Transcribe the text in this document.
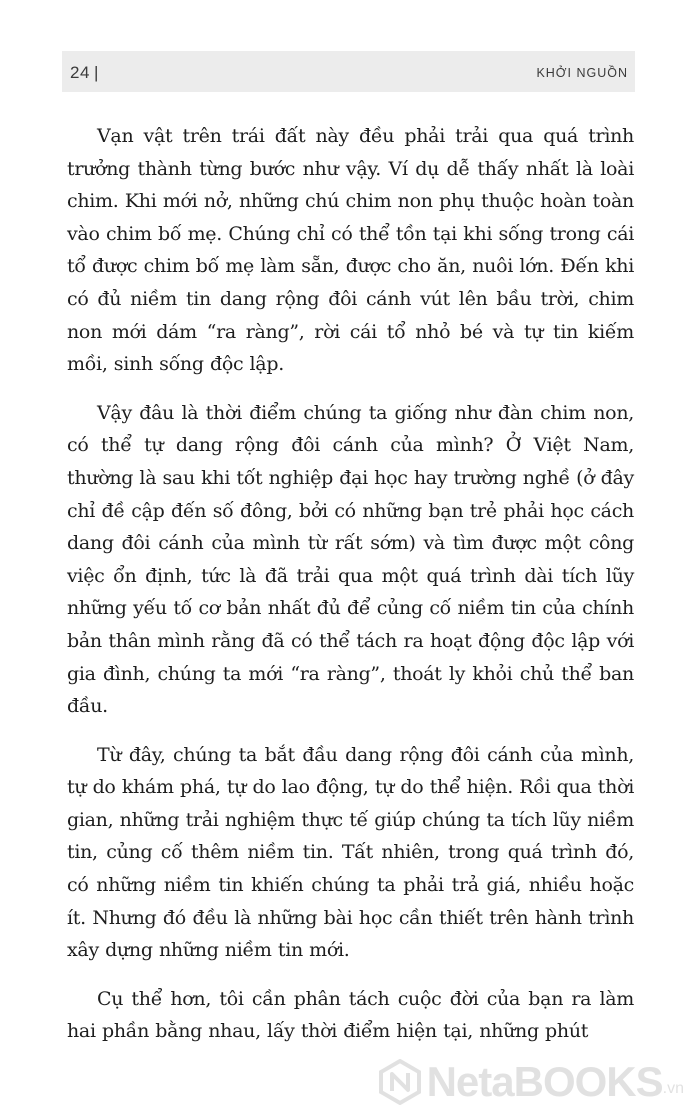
24 |	KHỞI NGUỒN

Vạn vật trên trái đất này đều phải trải qua quá trình trưởng thành từng bước như vậy. Ví dụ dễ thấy nhất là loài chim. Khi mới nở, những chú chim non phụ thuộc hoàn toàn vào chim bố mẹ. Chúng chỉ có thể tồn tại khi sống trong cái tổ được chim bố mẹ làm sẵn, được cho ăn, nuôi lớn. Đến khi có đủ niềm tin dang rộng đôi cánh vút lên bầu trời, chim non mới dám “ra ràng”, rời cái tổ nhỏ bé và tự tin kiếm mồi, sinh sống độc lập.

Vậy đâu là thời điểm chúng ta giống như đàn chim non, có thể tự dang rộng đôi cánh của mình? Ở Việt Nam, thường là sau khi tốt nghiệp đại học hay trường nghề (ở đây chỉ đề cập đến số đông, bởi có những bạn trẻ phải học cách dang đôi cánh của mình từ rất sớm) và tìm được một công việc ổn định, tức là đã trải qua một quá trình dài tích lũy những yếu tố cơ bản nhất đủ để củng cố niềm tin của chính bản thân mình rằng đã có thể tách ra hoạt động độc lập với gia đình, chúng ta mới “ra ràng”, thoát ly khỏi chủ thể ban đầu.

Từ đây, chúng ta bắt đầu dang rộng đôi cánh của mình, tự do khám phá, tự do lao động, tự do thể hiện. Rồi qua thời gian, những trải nghiệm thực tế giúp chúng ta tích lũy niềm tin, củng cố thêm niềm tin. Tất nhiên, trong quá trình đó, có những niềm tin khiến chúng ta phải trả giá, nhiều hoặc ít. Nhưng đó đều là những bài học cần thiết trên hành trình xây dựng những niềm tin mới.

Cụ thể hơn, tôi cần phân tách cuộc đời của bạn ra làm hai phần bằng nhau, lấy thời điểm hiện tại, những phút

NetaBOOKS .vn
